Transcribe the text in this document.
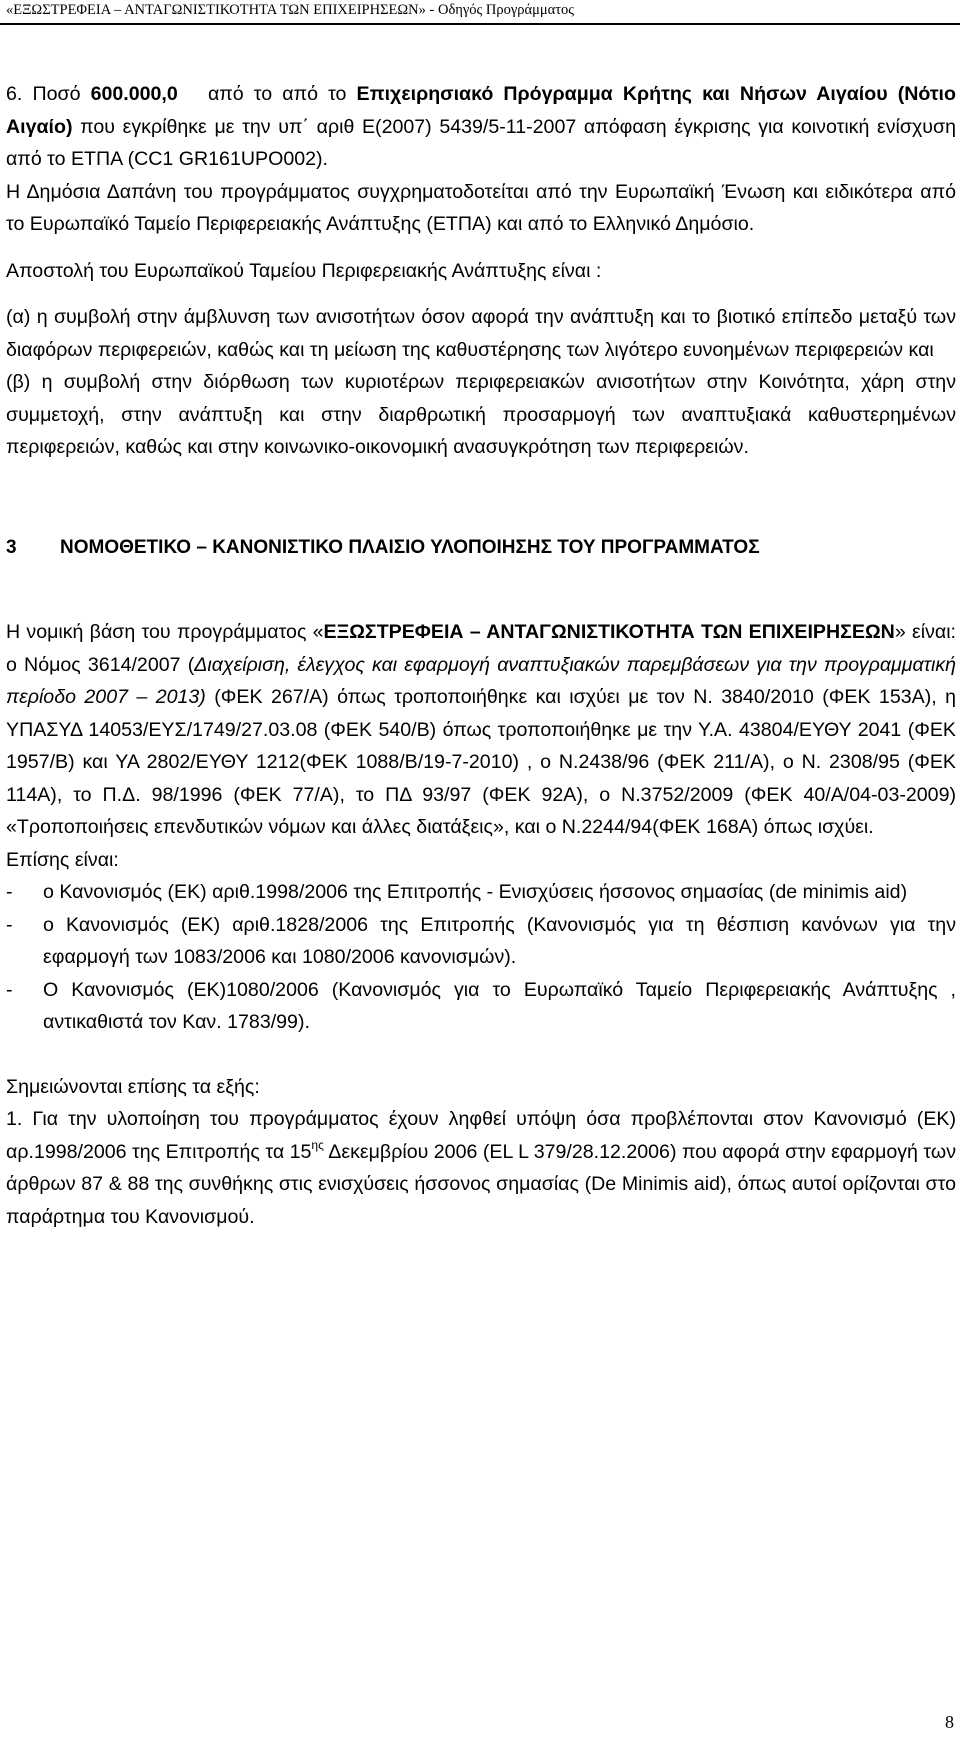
«ΕΞΩΣΤΡΕΦΕΙΑ – ΑΝΤΑΓΩΝΙΣΤΙΚΟΤΗΤΑ ΤΩΝ ΕΠΙΧΕΙΡΗΣΕΩΝ» - Οδηγός Προγράμματος

6. Ποσό 600.000,0  από το από το Επιχειρησιακό Πρόγραμμα Κρήτης και Νήσων Αιγαίου (Νότιο Αιγαίο) που εγκρίθηκε με την υπ΄ αριθ Ε(2007) 5439/5-11-2007 απόφαση έγκρισης για κοινοτική ενίσχυση από το ΕΤΠΑ (CC1 GR161UPO002).

Η Δημόσια Δαπάνη του προγράμματος συγχρηματοδοτείται από την Ευρωπαϊκή Ένωση και ειδικότερα από το Ευρωπαϊκό Ταμείο Περιφερειακής Ανάπτυξης (ΕΤΠΑ) και από το Ελληνικό Δημόσιο.

Αποστολή του Ευρωπαϊκού Ταμείου Περιφερειακής Ανάπτυξης είναι :

(α) η συμβολή στην άμβλυνση των ανισοτήτων όσον αφορά την ανάπτυξη και το βιοτικό επίπεδο μεταξύ των διαφόρων περιφερειών, καθώς και τη μείωση της καθυστέρησης των λιγότερο ευνοημένων περιφερειών και

(β) η συμβολή στην διόρθωση των κυριοτέρων περιφερειακών ανισοτήτων στην Κοινότητα, χάρη στην συμμετοχή, στην ανάπτυξη και στην διαρθρωτική προσαρμογή των αναπτυξιακά καθυστερημένων περιφερειών, καθώς και στην κοινωνικο-οικονομική ανασυγκρότηση των περιφερειών.

3 ΝΟΜΟΘΕΤΙΚΟ – ΚΑΝΟΝΙΣΤΙΚΟ ΠΛΑΙΣΙΟ ΥΛΟΠΟΙΗΣΗΣ ΤΟΥ ΠΡΟΓΡΑΜΜΑΤΟΣ

Η νομική βάση του προγράμματος «ΕΞΩΣΤΡΕΦΕΙΑ – ΑΝΤΑΓΩΝΙΣΤΙΚΟΤΗΤΑ ΤΩΝ ΕΠΙΧΕΙΡΗΣΕΩΝ» είναι: ο Νόμος 3614/2007 (Διαχείριση, έλεγχος και εφαρμογή αναπτυξιακών παρεμβάσεων για την προγραμματική περίοδο 2007 – 2013) (ΦΕΚ 267/Α) όπως τροποποιήθηκε και ισχύει με τον Ν. 3840/2010 (ΦΕΚ 153Α), η ΥΠΑΣΥΔ 14053/ΕΥΣ/1749/27.03.08 (ΦΕΚ 540/Β) όπως τροποποιήθηκε με την Υ.Α. 43804/ΕΥΘΥ 2041 (ΦΕΚ 1957/Β) και ΥΑ 2802/ΕΥΘΥ 1212(ΦΕΚ 1088/Β/19-7-2010) , ο Ν.2438/96 (ΦΕΚ 211/Α), ο Ν. 2308/95 (ΦΕΚ 114Α), το Π.Δ. 98/1996 (ΦΕΚ 77/Α), το ΠΔ 93/97 (ΦΕΚ 92Α), ο Ν.3752/2009 (ΦΕΚ 40/Α/04-03-2009) «Τροποποιήσεις επενδυτικών νόμων και άλλες διατάξεις», και ο Ν.2244/94(ΦΕΚ 168Α) όπως ισχύει.

Επίσης είναι:

-	ο Κανονισμός (ΕΚ) αριθ.1998/2006 της Επιτροπής - Ενισχύσεις ήσσονος σημασίας (de minimis aid)
-	ο Κανονισμός (ΕΚ) αριθ.1828/2006 της Επιτροπής (Κανονισμός για τη θέσπιση κανόνων για την εφαρμογή των 1083/2006 και 1080/2006 κανονισμών).
-	Ο Κανονισμός (ΕΚ)1080/2006 (Κανονισμός για το Ευρωπαϊκό Ταμείο Περιφερειακής Ανάπτυξης , αντικαθιστά τον Καν. 1783/99).

Σημειώνονται επίσης τα εξής:

1. Για την υλοποίηση του προγράμματος έχουν ληφθεί υπόψη όσα προβλέπονται στον Κανονισμό (ΕΚ) αρ.1998/2006 της Επιτροπής τα $15^{\eta\varsigma}$ Δεκεμβρίου 2006 (EL L 379/28.12.2006) που αφορά στην εφαρμογή των άρθρων 87 & 88 της συνθήκης στις ενισχύσεις ήσσονος σημασίας (De Minimis aid), όπως αυτοί ορίζονται στο παράρτημα του Κανονισμού.

8
